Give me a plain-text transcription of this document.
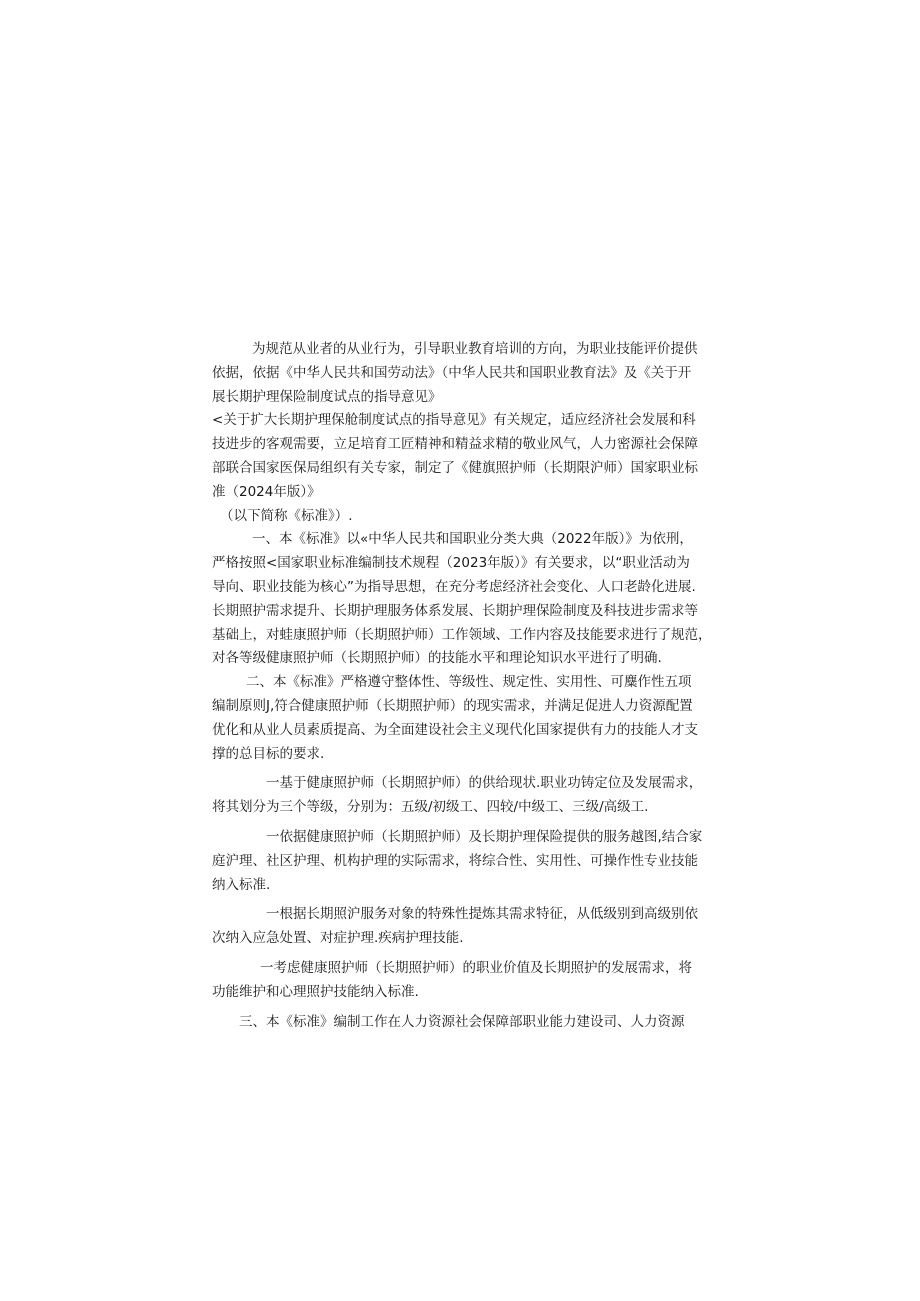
为规范从业者的从业行为，引导职业教育培训的方向，为职业技能评价提供
依据，依据《中华人民共和国劳动法》（中华人民共和国职业教育法》及《关于开
展长期护理保险制度试点的指导意见》
<关于扩大长期护理保舱制度试点的指导意见》有关规定，适应经济社会发展和科
技进步的客观需要，立足培育工匠精神和精益求精的敬业风气，人力密源社会保障
部联合国家医保局组织有关专家，制定了《健旗照护师（长期限沪师）国家职业标
准（2024年版）》
（以下简称《标准》）.
一、本《标准》以«中华人民共和国职业分类大典（2022年版）》为依刑，
严格按照<国家职业标准编制技术规程（2023年版）》有关要求，以“职业活动为
导向、职业技能为核心”为指导思想，在充分考虑经济社会变化、人口老龄化进展.
长期照护需求提升、长期护理服务体系发展、长期护理保险制度及科技进步需求等
基础上，对蛙康照护师（长期照护师）工作领域、工作内容及技能要求进行了规范，
对各等级健康照护师（长期照护师）的技能水平和理论知识水平进行了明确.
二、本《标准》严格遵守整体性、等级性、规定性、实用性、可麋作性五项
编制原则J,符合健康照护师（长期照护师）的现实需求，并满足促进人力资源配置
优化和从业人员素质提高、为全面建设社会主义现代化国家提供有力的技能人才支
撑的总目标的要求.
一基于健康照护师（长期照护师）的供给现状.职业功铸定位及发展需求，
将其划分为三个等级，分别为：五级/初级工、四较/中级工、三级/高级工.
一依据健康照护师（长期照护师）及长期护理保险提供的服务越图,结合家
庭沪理、社区护理、机构护理的实际需求，将综合性、实用性、可操作性专业技能
纳入标准.
一根据长期照沪服务对象的特殊性提炼其需求特征，从低级别到高级别依
次纳入应急处置、对症护理.疾病护理技能.
一考虑健康照护师（长期照护师）的职业价值及长期照护的发展需求，将
功能维护和心理照护技能纳入标准.
三、本《标准》编制工作在人力资源社会保障部职业能力建设司、人力资源
